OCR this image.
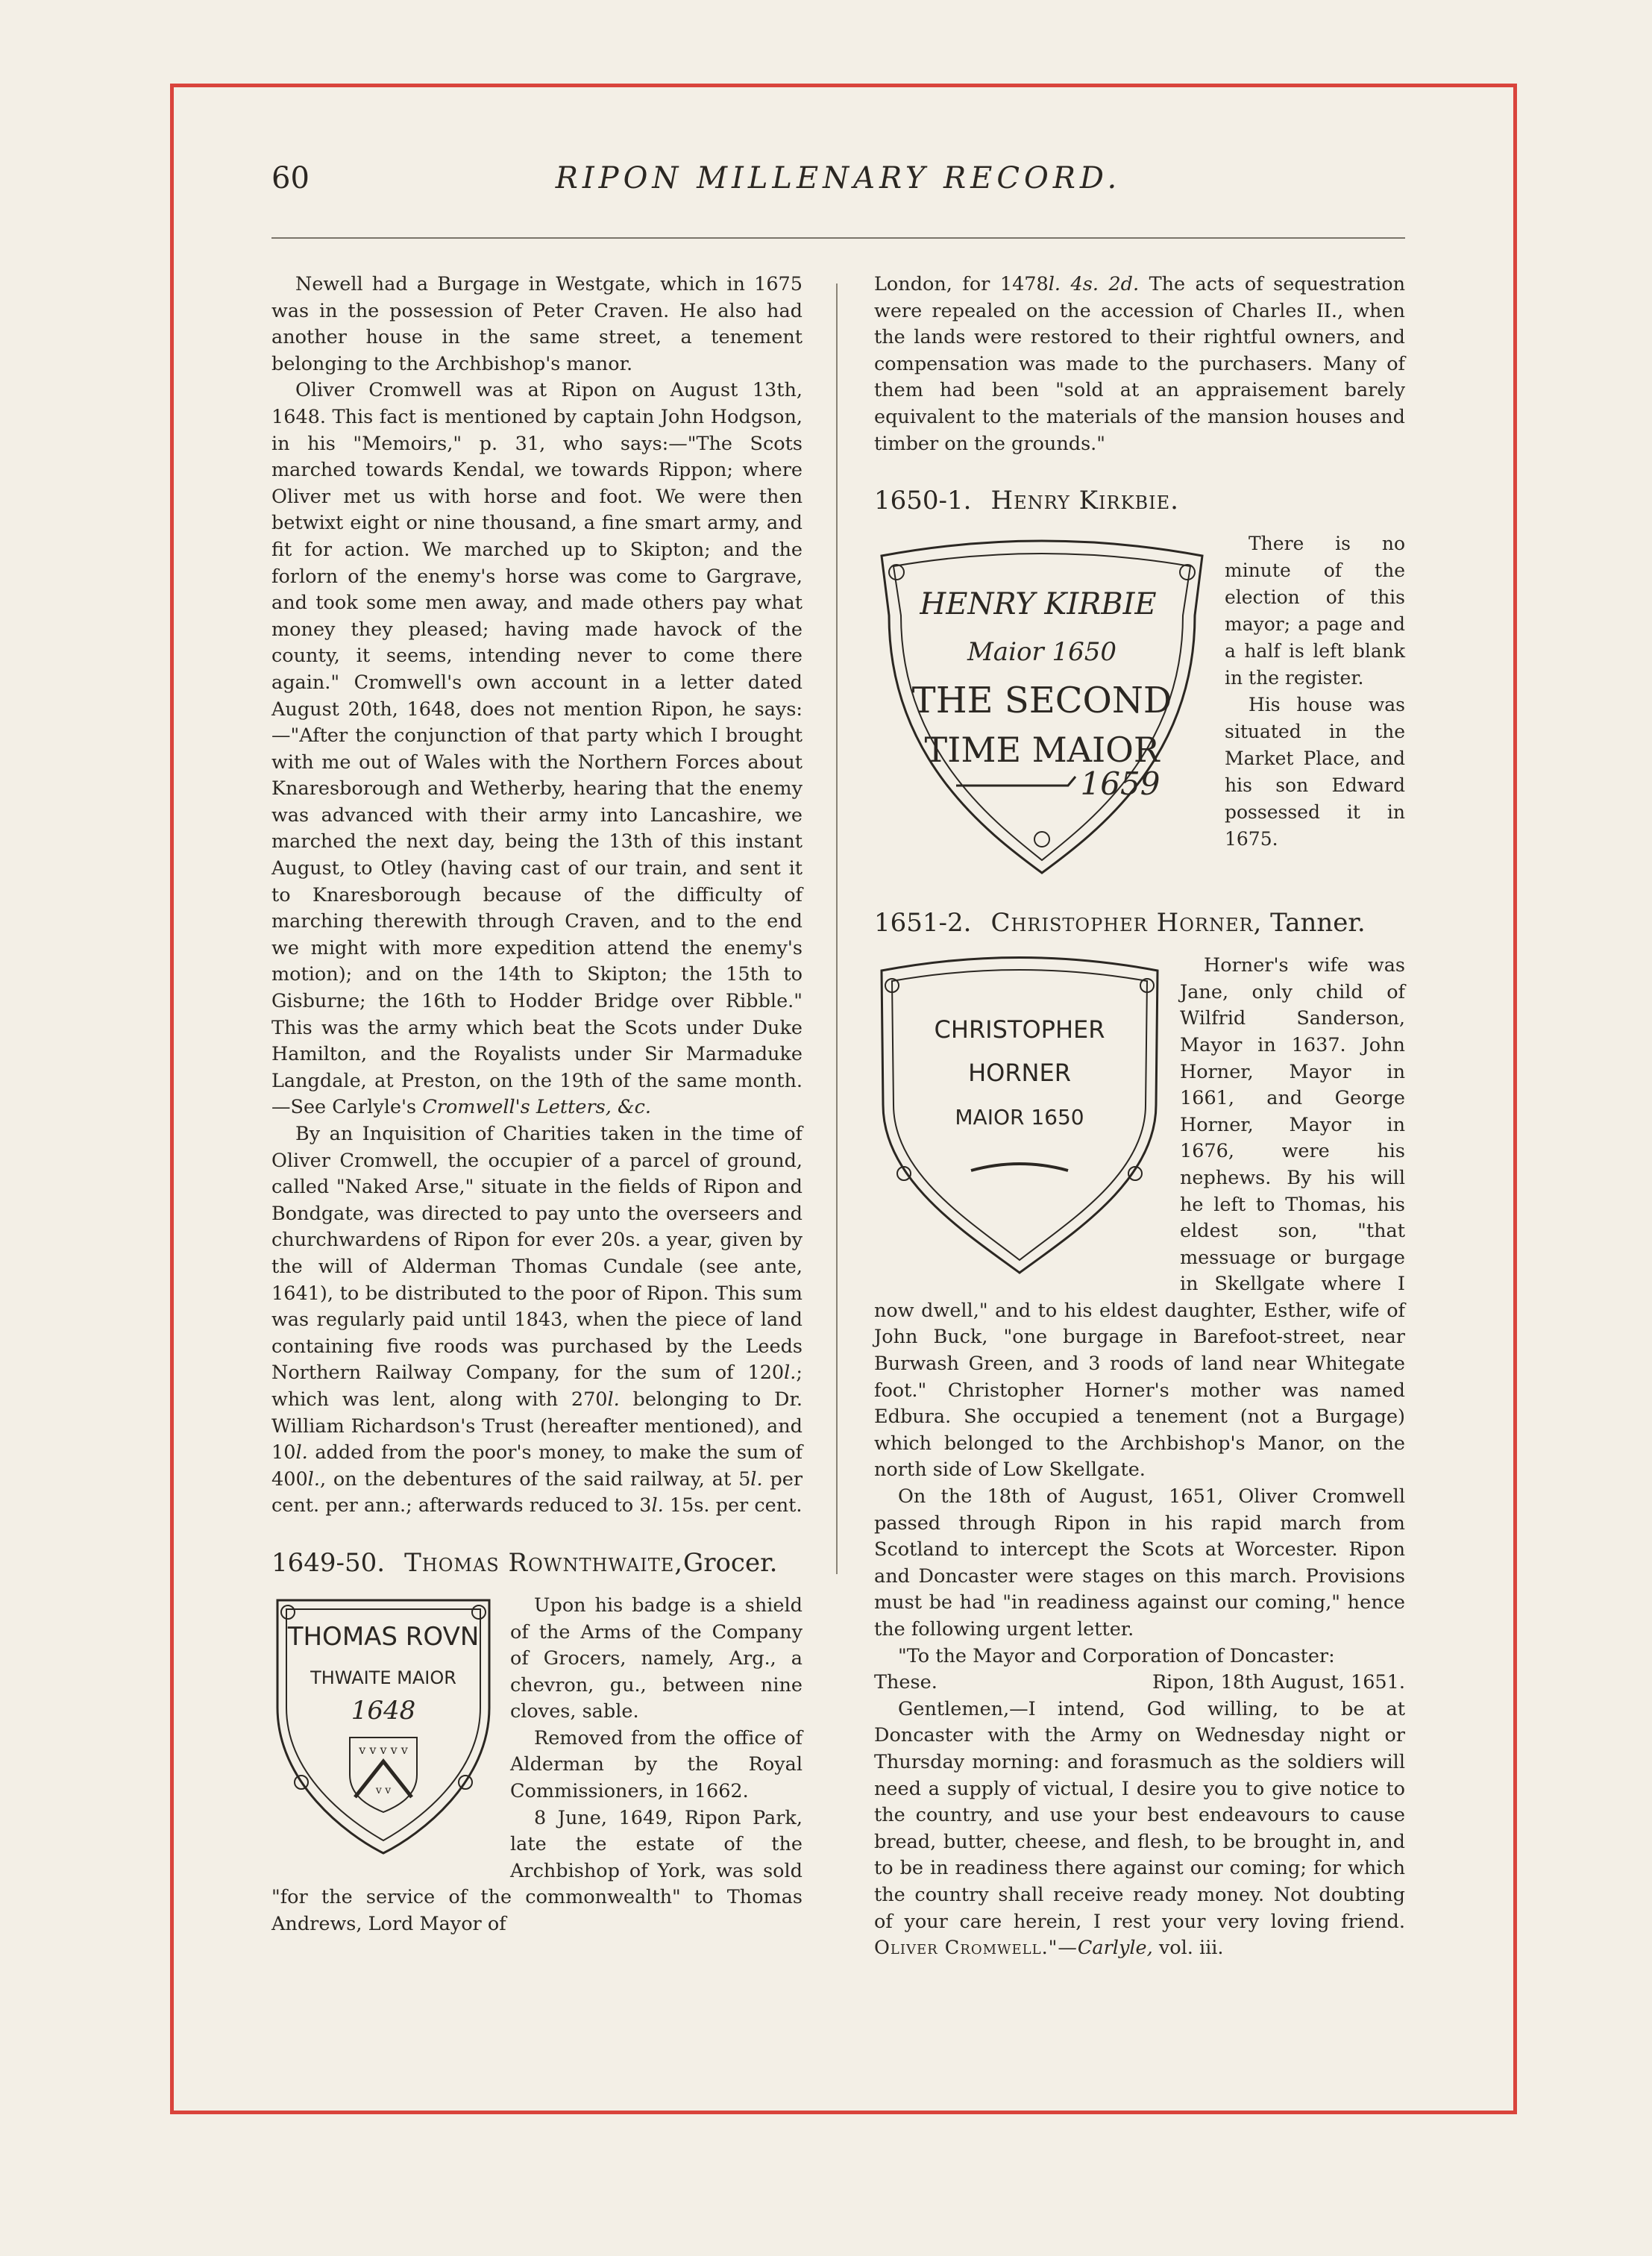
60	RIPON MILLENARY RECORD.

Newell had a Burgage in Westgate, which in 1675 was in the possession of Peter Craven. He also had another house in the same street, a tenement belonging to the Archbishop's manor.

Oliver Cromwell was at Ripon on August 13th, 1648. This fact is mentioned by captain John Hodgson, in his "Memoirs," p. 31, who says:—"The Scots marched towards Kendal, we towards Rippon; where Oliver met us with horse and foot. We were then betwixt eight or nine thousand, a fine smart army, and fit for action. We marched up to Skipton; and the forlorn of the enemy's horse was come to Gargrave, and took some men away, and made others pay what money they pleased; having made havock of the county, it seems, intending never to come there again." Cromwell's own account in a letter dated August 20th, 1648, does not mention Ripon, he says:—"After the conjunction of that party which I brought with me out of Wales with the Northern Forces about Knaresborough and Wetherby, hearing that the enemy was advanced with their army into Lancashire, we marched the next day, being the 13th of this instant August, to Otley (having cast of our train, and sent it to Knaresborough because of the difficulty of marching therewith through Craven, and to the end we might with more expedition attend the enemy's motion); and on the 14th to Skipton; the 15th to Gisburne; the 16th to Hodder Bridge over Ribble." This was the army which beat the Scots under Duke Hamilton, and the Royalists under Sir Marmaduke Langdale, at Preston, on the 19th of the same month.—See Carlyle's Cromwell's Letters, &c.

By an Inquisition of Charities taken in the time of Oliver Cromwell, the occupier of a parcel of ground, called "Naked Arse," situate in the fields of Ripon and Bondgate, was directed to pay unto the overseers and churchwardens of Ripon for ever 20s. a year, given by the will of Alderman Thomas Cundale (see ante, 1641), to be distributed to the poor of Ripon. This sum was regularly paid until 1843, when the piece of land containing five roods was purchased by the Leeds Northern Railway Company, for the sum of 120l.; which was lent, along with 270l. belonging to Dr. William Richardson's Trust (hereafter mentioned), and 10l. added from the poor's money, to make the sum of 400l., on the debentures of the said railway, at 5l. per cent. per ann.; afterwards reduced to 3l. 15s. per cent.

1649-50. Thomas Rownthwaite,Grocer.
THOMAS ROVN
THWAITE MAIOR
1648
v v v v v
v v

Upon his badge is a shield of the Arms of the Company of Grocers, namely, Arg., a chevron, gu., between nine cloves, sable.

Removed from the office of Alderman by the Royal Commissioners, in 1662.

8 June, 1649, Ripon Park, late the estate of the Archbishop of York, was sold "for the service of the commonwealth" to Thomas Andrews, Lord Mayor of

London, for 1478l. 4s. 2d. The acts of sequestration were repealed on the accession of Charles II., when the lands were restored to their rightful owners, and compensation was made to the purchasers. Many of them had been "sold at an appraisement barely equivalent to the materials of the mansion houses and timber on the grounds."

1650-1. Henry Kirkbie.
HENRY KIRBIE
Maior 1650
THE SECOND
TIME MAIOR
1659

There is no minute of the election of this mayor; a page and a half is left blank in the register.

His house was situated in the Market Place, and his son Edward possessed it in 1675.

1651-2. Christopher Horner, Tanner.
CHRISTOPHER
HORNER
MAIOR 1650

Horner's wife was Jane, only child of Wilfrid Sanderson, Mayor in 1637. John Horner, Mayor in 1661, and George Horner, Mayor in 1676, were his nephews. By his will he left to Thomas, his eldest son, "that messuage or burgage in Skellgate where I now dwell," and to his eldest daughter, Esther, wife of John Buck, "one burgage in Barefoot-street, near Burwash Green, and 3 roods of land near Whitegate foot." Christopher Horner's mother was named Edbura. She occupied a tenement (not a Burgage) which belonged to the Archbishop's Manor, on the north side of Low Skellgate.

On the 18th of August, 1651, Oliver Cromwell passed through Ripon in his rapid march from Scotland to intercept the Scots at Worcester. Ripon and Doncaster were stages on this march. Provisions must be had "in readiness against our coming," hence the following urgent letter.

"To the Mayor and Corporation of Doncaster:

These.	Ripon, 18th August, 1651.

Gentlemen,—I intend, God willing, to be at Doncaster with the Army on Wednesday night or Thursday morning: and forasmuch as the soldiers will need a supply of victual, I desire you to give notice to the country, and use your best endeavours to cause bread, butter, cheese, and flesh, to be brought in, and to be in readiness there against our coming; for which the country shall receive ready money. Not doubting of your care herein, I rest your very loving friend. Oliver Cromwell."—Carlyle, vol. iii.
